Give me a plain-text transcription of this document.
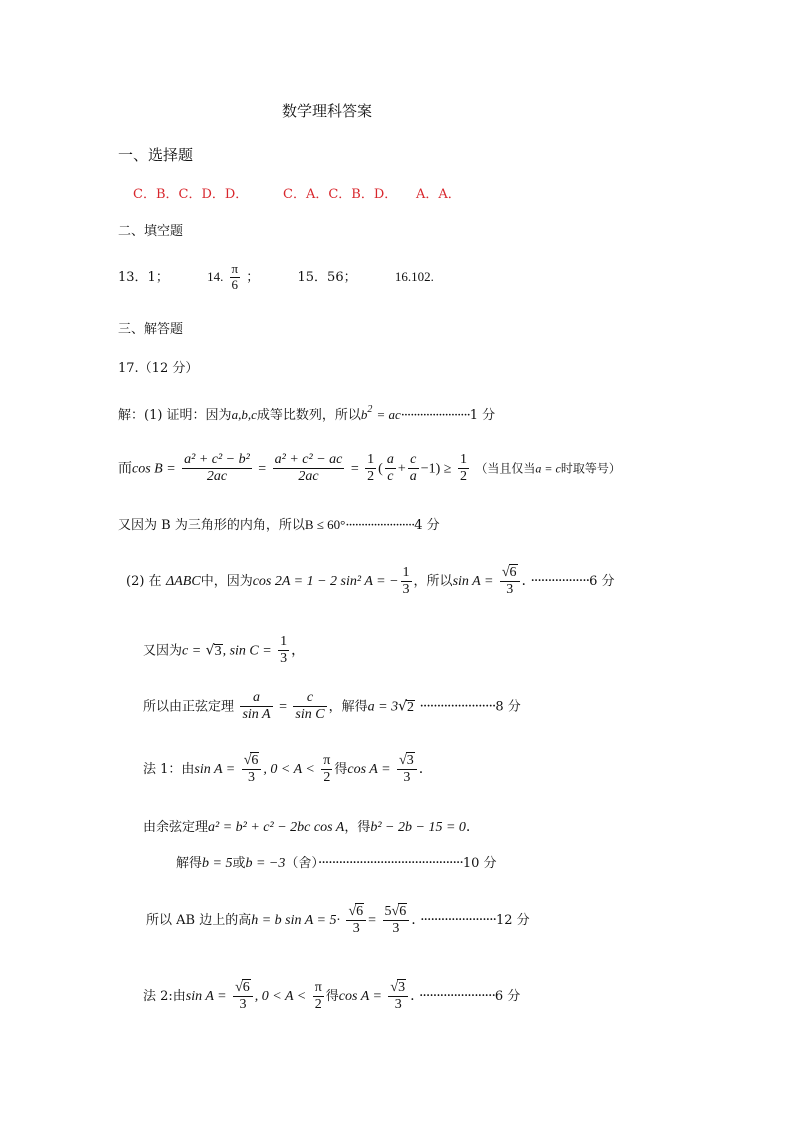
数学理科答案
一、选择题
C．B．C．D．D．	C．A．C．B．D． A．A．
二、填空题
13．1；	14. $\frac{\pi}{6}$ ；	15．56；	16.102.
三、解答题
17.（12 分）
解：(1) 证明：因为a,b,c成等比数列，所以$b^2 = ac\cdot\cdot\cdot\cdot\cdot\cdot\cdot\cdot\cdot\cdot\cdot\cdot\cdot\cdot\cdot\cdot\cdot\cdot\cdot\cdot\cdot\cdot 1$ 分
而$\cos B = \frac{\text{a² + c² − b²}}{2ac} = \frac{\text{a² + c² − ac}}{2ac} = \frac{1}{2}$ ( $\frac{a}{c} + \frac{c}{a} -1) \ge \frac{1}{2}$ （当且仅当a = c时取等号）
又因为 B 为三角形的内角，所以B ≤ 60°······················4 分
(2) 在 ΔABC中，因为cos 2A = 1 − 2 sin² A = − $\frac{1}{3}$ ，所以$\sin A = \frac{√6}{3}$ . ·················6 分
又因为c = √3, $\sin C = \frac{1}{3}$ ，
所以由正弦定理 $\frac{a}{\text{sin A}} = \frac{c}{\text{sin C}}$ ，解得a = 3√2 ······················8 分
法 1：由$\sin A = \frac{√6}{3}$ , $0 < A < \frac{\pi}{2}$ 得$\cos A = \frac{√3}{3}$ .
由余弦定理a² = b² + c² − 2bc cos A，得b² − 2b − 15 = 0.
解得b = 5或b = −3（舍）··········································10 分
所以 AB 边上的高h = b $\sin A = 5\cdot \frac{√6}{3} = \frac{5√6}{3}$ . ······················12 分
法 2:由$\sin A = \frac{√6}{3}$ , $0 < A < \frac{\pi}{2}$ 得$\cos A = \frac{√3}{3}$ . ······················6 分
